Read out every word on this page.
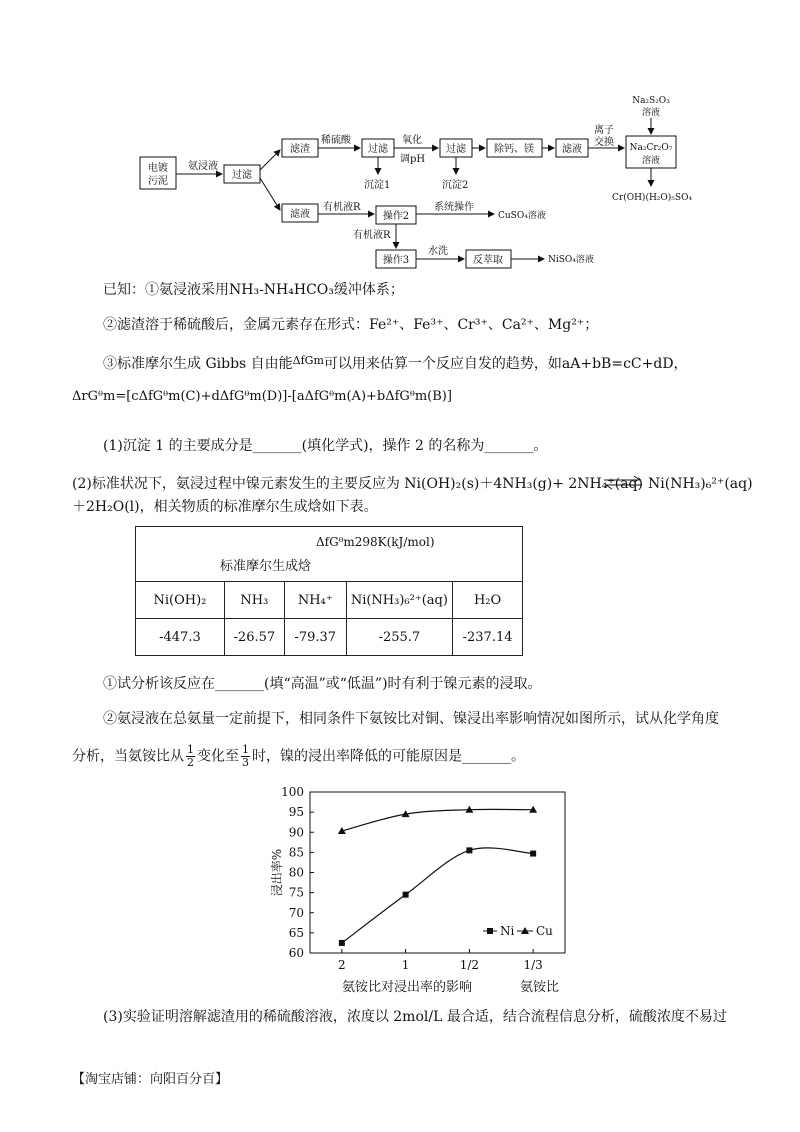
电镀
污泥
过滤
滤渣	过滤	过滤	除钙、镁	滤液	Na₂Cr₂O₇
溶液
Na₂S₂O₃
溶液
滤液	操作2
操作3	反萃取
氨浸液
稀硫酸	氧化
调pH
离子
交换
沉淀1	沉淀2
Cr(OH)(H₂O)₅SO₄
有机液R	系统操作
CuSO₄溶液
有机液R
水洗
NiSO₄溶液
已知：①氨浸液采用NH₃-NH₄HCO₃缓冲体系；
②滤渣溶于稀硫酸后，金属元素存在形式：Fe²⁺、Fe³⁺、Cr³⁺、Ca²⁺、Mg²⁺；
③标准摩尔生成 Gibbs 自由能$^{\Delta fGm}$可以用来估算一个反应自发的趋势，如aA+bB=cC+dD，
ΔrGᶿm=[cΔfGᶿm(C)+dΔfGᶿm(D)]-[aΔfGᶿm(A)+bΔfGᶿm(B)]
(1)沉淀 1 的主要成分是_______(填化学式)，操作 2 的名称为_______。
(2)标准状况下，氨浸过程中镍元素发生的主要反应为 Ni(OH)₂(s)＋4NH₃(g)+ 2NH₄⁺(aq) ⇌ Ni(NH₃)₆²⁺(aq)
＋2H₂O(l)，相关物质的标准摩尔生成焓如下表。
ΔfGᶿm298K(kJ/mol)
标准摩尔生成焓				

Ni(OH)₂	NH₃	NH₄⁺	Ni(NH₃)₆²⁺(aq)	H₂O
-447.3	-26.57	-79.37	-255.7	-237.14
①试分析该反应在_______(填“高温”或“低温”)时有利于镍元素的浸取。
②氨浸液在总氨量一定前提下，相同条件下氨铵比对铜、镍浸出率影响情况如图所示，试从化学角度
分析，当氨铵比从 $\frac{1}{2}$ 变化至 $\frac{1}{3}$ 时，镍的浸出率降低的可能原因是_______。
60
65
70
75
80
85
90
95
100
2	1	1/2	1/3
Ni Cu
浸出率%
氨铵比对浸出率的影响	氨铵比
(3)实验证明溶解滤渣用的稀硫酸溶液，浓度以 2mol/L 最合适，结合流程信息分析，硫酸浓度不易过
【淘宝店铺：向阳百分百】
